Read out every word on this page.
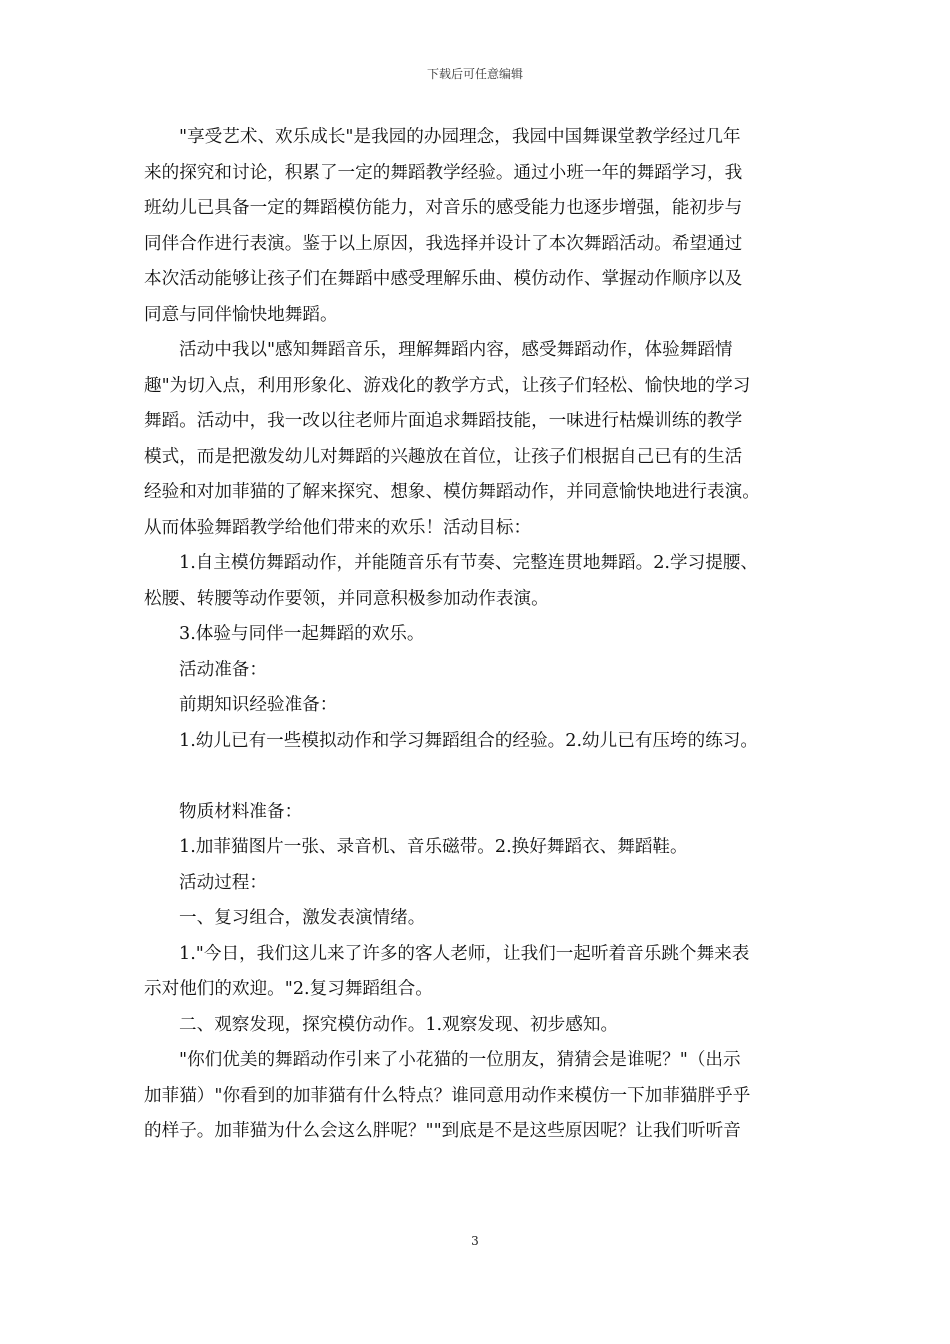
下载后可任意编辑

"享受艺术、欢乐成长"是我园的办园理念，我园中国舞课堂教学经过几年

来的探究和讨论，积累了一定的舞蹈教学经验。通过小班一年的舞蹈学习，我

班幼儿已具备一定的舞蹈模仿能力，对音乐的感受能力也逐步增强，能初步与

同伴合作进行表演。鉴于以上原因，我选择并设计了本次舞蹈活动。希望通过

本次活动能够让孩子们在舞蹈中感受理解乐曲、模仿动作、掌握动作顺序以及

同意与同伴愉快地舞蹈。

活动中我以"感知舞蹈音乐，理解舞蹈内容，感受舞蹈动作，体验舞蹈情

趣"为切入点，利用形象化、游戏化的教学方式，让孩子们轻松、愉快地的学习

舞蹈。活动中，我一改以往老师片面追求舞蹈技能，一味进行枯燥训练的教学

模式，而是把激发幼儿对舞蹈的兴趣放在首位，让孩子们根据自己已有的生活

经验和对加菲猫的了解来探究、想象、模仿舞蹈动作，并同意愉快地进行表演。

从而体验舞蹈教学给他们带来的欢乐！活动目标：

1.自主模仿舞蹈动作，并能随音乐有节奏、完整连贯地舞蹈。2.学习提腰、

松腰、转腰等动作要领，并同意积极参加动作表演。

3.体验与同伴一起舞蹈的欢乐。

活动准备：

前期知识经验准备：

1.幼儿已有一些模拟动作和学习舞蹈组合的经验。2.幼儿已有压垮的练习。

物质材料准备：

1.加菲猫图片一张、录音机、音乐磁带。2.换好舞蹈衣、舞蹈鞋。

活动过程：

一、复习组合，激发表演情绪。

1."今日，我们这儿来了许多的客人老师，让我们一起听着音乐跳个舞来表

示对他们的欢迎。"2.复习舞蹈组合。

二、观察发现，探究模仿动作。1.观察发现、初步感知。

"你们优美的舞蹈动作引来了小花猫的一位朋友，猜猜会是谁呢？"（出示

加菲猫）"你看到的加菲猫有什么特点？谁同意用动作来模仿一下加菲猫胖乎乎

的样子。加菲猫为什么会这么胖呢？""到底是不是这些原因呢？让我们听听音

3
